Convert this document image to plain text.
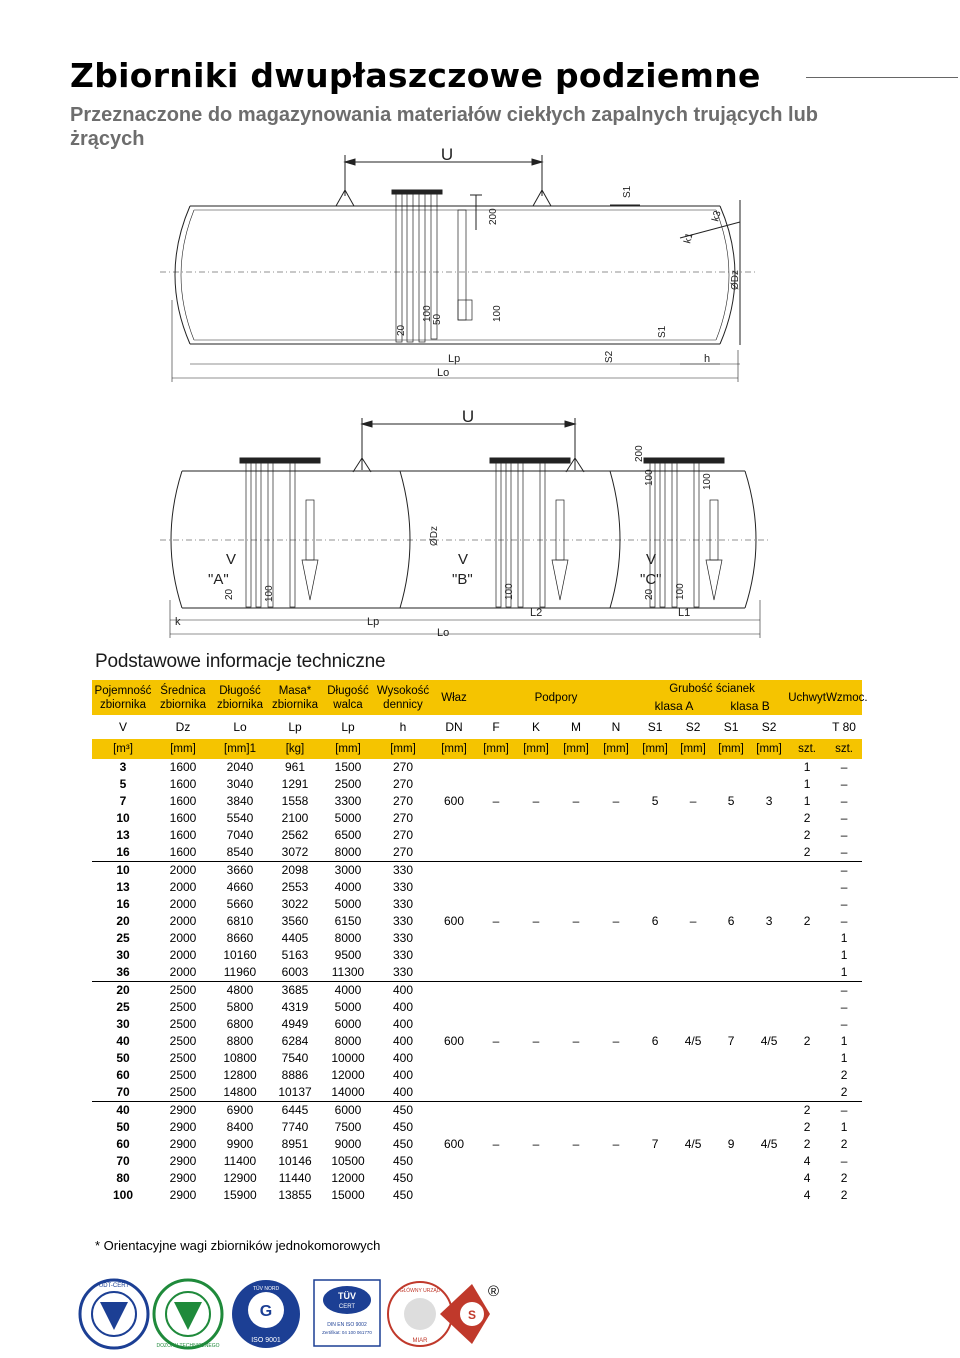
Zbiorniki dwupłaszczowe podziemne
Przeznaczone do magazynowania materiałów ciekłych zapalnych trujących lub żrących
U
200
20
100 50	100
S1
k1
k3
ØDz
S1
S2
Lp
Lo
h
U
V
"A"
V
"B"
V
"C"
ØDz
200
100	100
20	100	100	20 100
k	Lp
L2	L1
Lo
Podstawowe informacje techniczne
Pojemność zbiornika	Średnica zbiornika	Długość zbiornika	Masa* zbiornika	Długość walca	Wysokość dennicy	Właz	Podpory				Grubość ścianek				Uchwyt	Wzmoc.
											klasa A		klasa B			
V	Dz	Lo	Lp	Lp	h	DN	F	K	M	N	S1	S2	S1	S2		T 80
[m³]	[mm]	[mm]1	[kg]	[mm]	[mm]	[mm]	[mm]	[mm]	[mm]	[mm]	[mm]	[mm]	[mm]	[mm]	szt.	szt.
3	1600	2040	961	1500	270										1	–
5	1600	3040	1291	2500	270										1	–
7	1600	3840	1558	3300	270	600	–	–	–	–	5	–	5	3	1	–
10	1600	5540	2100	5000	270										2	–
13	1600	7040	2562	6500	270										2	–
16	1600	8540	3072	8000	270										2	–
10	2000	3660	2098	3000	330											–
13	2000	4660	2553	4000	330											–
16	2000	5660	3022	5000	330											–
20	2000	6810	3560	6150	330	600	–	–	–	–	6	–	6	3	2	–
25	2000	8660	4405	8000	330											1
30	2000	10160	5163	9500	330											1
36	2000	11960	6003	11300	330											1
20	2500	4800	3685	4000	400											–
25	2500	5800	4319	5000	400											–
30	2500	6800	4949	6000	400											–
40	2500	8800	6284	8000	400	600	–	–	–	–	6	4/5	7	4/5	2	1
50	2500	10800	7540	10000	400											1
60	2500	12800	8886	12000	400											2
70	2500	14800	10137	14000	400											2
40	2900	6900	6445	6000	450										2	–
50	2900	8400	7740	7500	450										2	1
60	2900	9900	8951	9000	450	600	–	–	–	–	7	4/5	9	4/5	2	2
70	2900	11400	10146	10500	450										4	–
80	2900	12900	11440	12000	450										4	2
100	2900	15900	13855	15000	450										4	2
* Orientacyjne wagi zbiorników jednokomorowych
UDT-CERT
DOZORU TECHNICZNEGO
G
ISO 9001
TÜV NORD
TÜV
CERT
DIN EN ISO 9002
Zertifikat: 04 100 061770
GŁÓWNY URZĄD
MIAR
S
®
